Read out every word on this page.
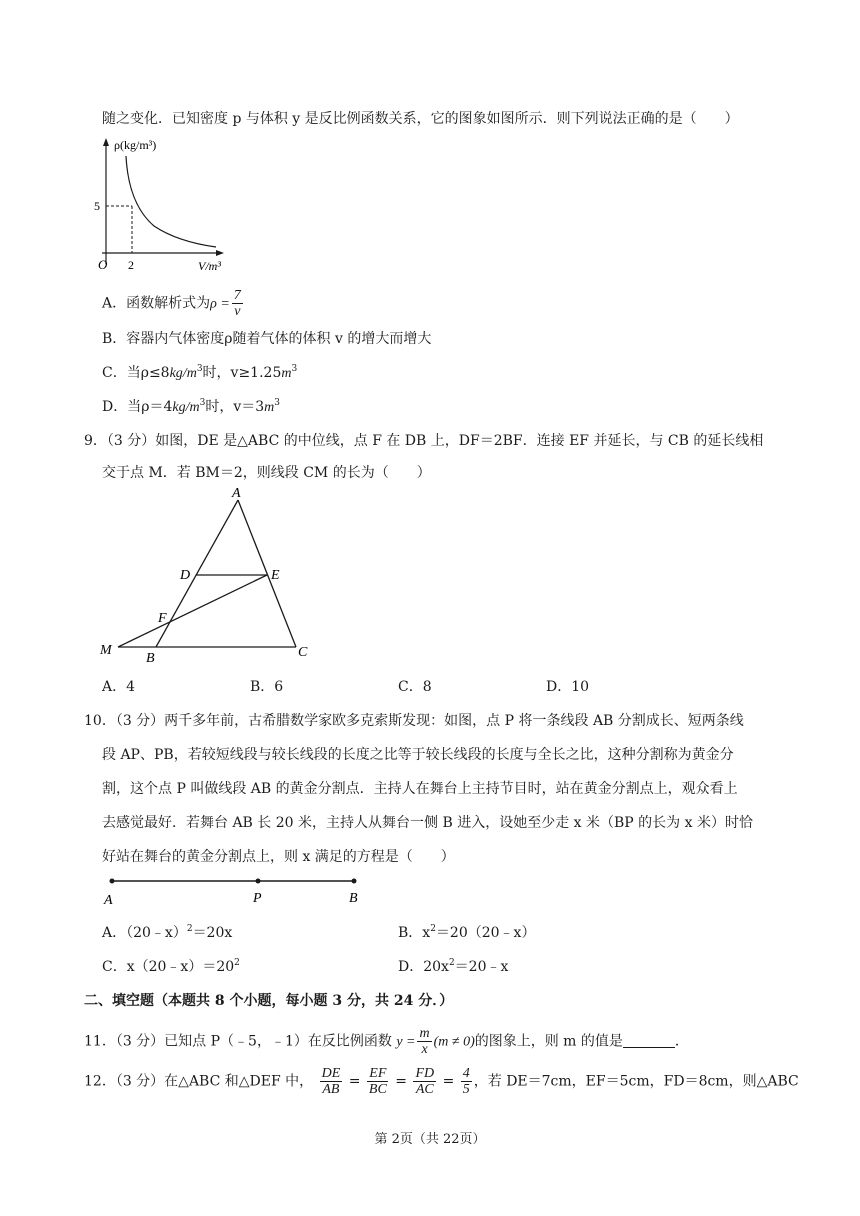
随之变化．已知密度 p 与体积 y 是反比例函数关系，它的图象如图所示．则下列说法正确的是（　　）
ρ(kg/m³)
5
O 2	V/m³
A．函数解析式为$\rho = \frac{7}{v}$
B．容器内气体密度ρ随着气体的体积 v 的增大而增大
C．当$\rho\le 8kg/m^3$时，$v\ge 1.25m^3$
D．当$\rho=4kg/m^3$时，$v=3m^3$
9．（3 分）如图，DE 是△ABC 的中位线，点 F 在 DB 上，DF＝2BF．连接 EF 并延长，与 CB 的延长线相
交于点 M．若 BM＝2，则线段 CM 的长为（　　）
A
D	E
F
M
B	C
A．4	B．6	C．8	D．10
10．（3 分）两千多年前，古希腊数学家欧多克索斯发现：如图，点 P 将一条线段 AB 分割成长、短两条线
段 AP、PB，若较短线段与较长线段的长度之比等于较长线段的长度与全长之比，这种分割称为黄金分
割，这个点 P 叫做线段 AB 的黄金分割点．主持人在舞台上主持节目时，站在黄金分割点上，观众看上
去感觉最好．若舞台 AB 长 20 米，主持人从舞台一侧 B 进入，设她至少走 x 米（BP 的长为 x 米）时恰
好站在舞台的黄金分割点上，则 x 满足的方程是（　　）
A	P	B
A．（20﹣x）$^2$＝20x	B．$x^2=20(20﹣x)$
C．$x(20﹣x)=20^2$	D．$20x^2=20﹣x$
二、填空题（本题共 8 个小题，每小题 3 分，共 24 分．）
11．（3 分）已知点 P（﹣5，﹣1）在反比例函数 $y = \frac{m}{x} (m \ne 0)$的图象上，则 m 的值是	．
12．（3 分）在△ABC 和△DEF 中， $\frac{DE}{AB} = \frac{EF}{BC} = \frac{FD}{AC} = \frac{4}{5}$ ，若 DE＝7cm，EF＝5cm，FD＝8cm，则△ABC
第 2页（共 22页）
